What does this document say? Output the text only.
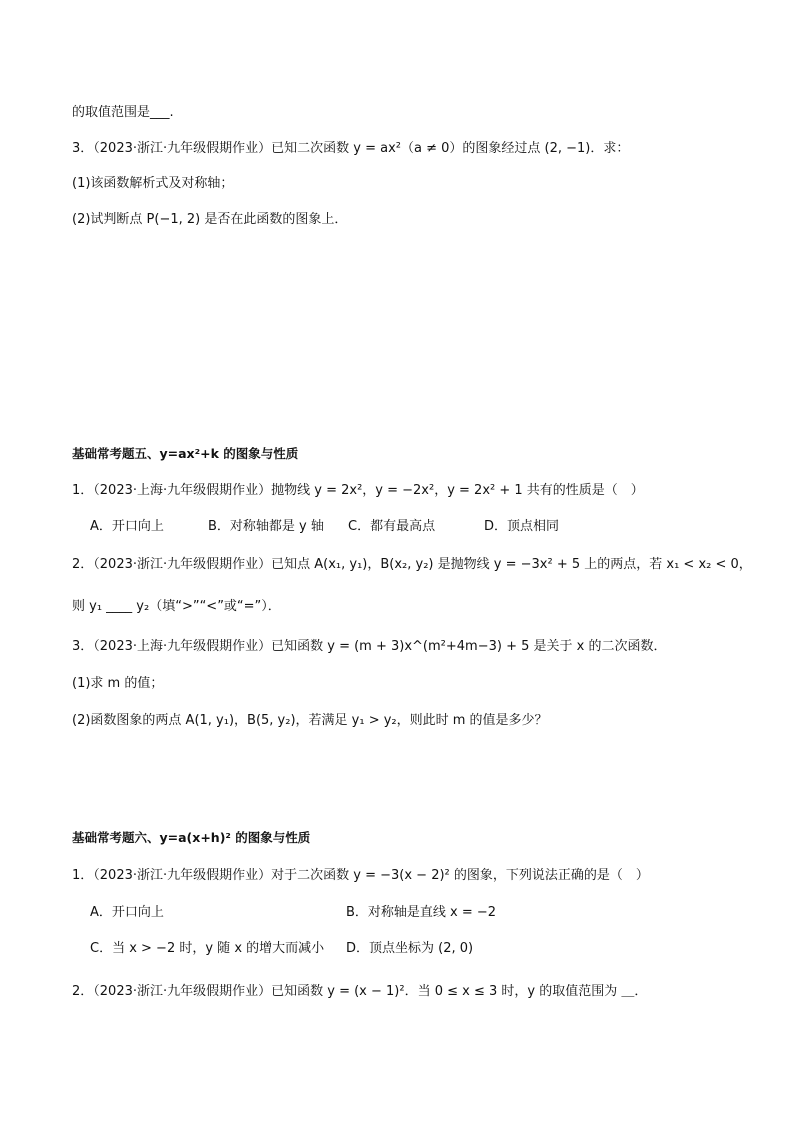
的取值范围是___.
3．（2023·浙江·九年级假期作业）已知二次函数 y = ax²（a ≠ 0）的图象经过点 (2, −1)．求：
(1)该函数解析式及对称轴；
(2)试判断点 P(−1, 2) 是否在此函数的图象上．
基础常考题五、y=ax²+k 的图象与性质
1．（2023·上海·九年级假期作业）抛物线 y = 2x²，y = −2x²，y = 2x² + 1 共有的性质是（　）
A．开口向上	B．对称轴都是 y 轴 C．都有最高点	D．顶点相同
2．（2023·浙江·九年级假期作业）已知点 A(x₁, y₁)，B(x₂, y₂) 是抛物线 y = −3x² + 5 上的两点，若 x₁ < x₂ < 0，
则 y₁ ____ y₂（填“>”“<”或“=”）．
3．（2023·上海·九年级假期作业）已知函数 y = (m + 3)x^(m²+4m−3) + 5 是关于 x 的二次函数．
(1)求 m 的值；
(2)函数图象的两点 A(1, y₁)，B(5, y₂)，若满足 y₁ > y₂，则此时 m 的值是多少？
基础常考题六、y=a(x+h)² 的图象与性质
1．（2023·浙江·九年级假期作业）对于二次函数 y = −3(x − 2)² 的图象，下列说法正确的是（　）
A．开口向上	B．对称轴是直线 x = −2
C．当 x > −2 时，y 随 x 的增大而减小 D．顶点坐标为 (2, 0)
2．（2023·浙江·九年级假期作业）已知函数 y = (x − 1)²．当 0 ≤ x ≤ 3 时，y 的取值范围为 ＿．
